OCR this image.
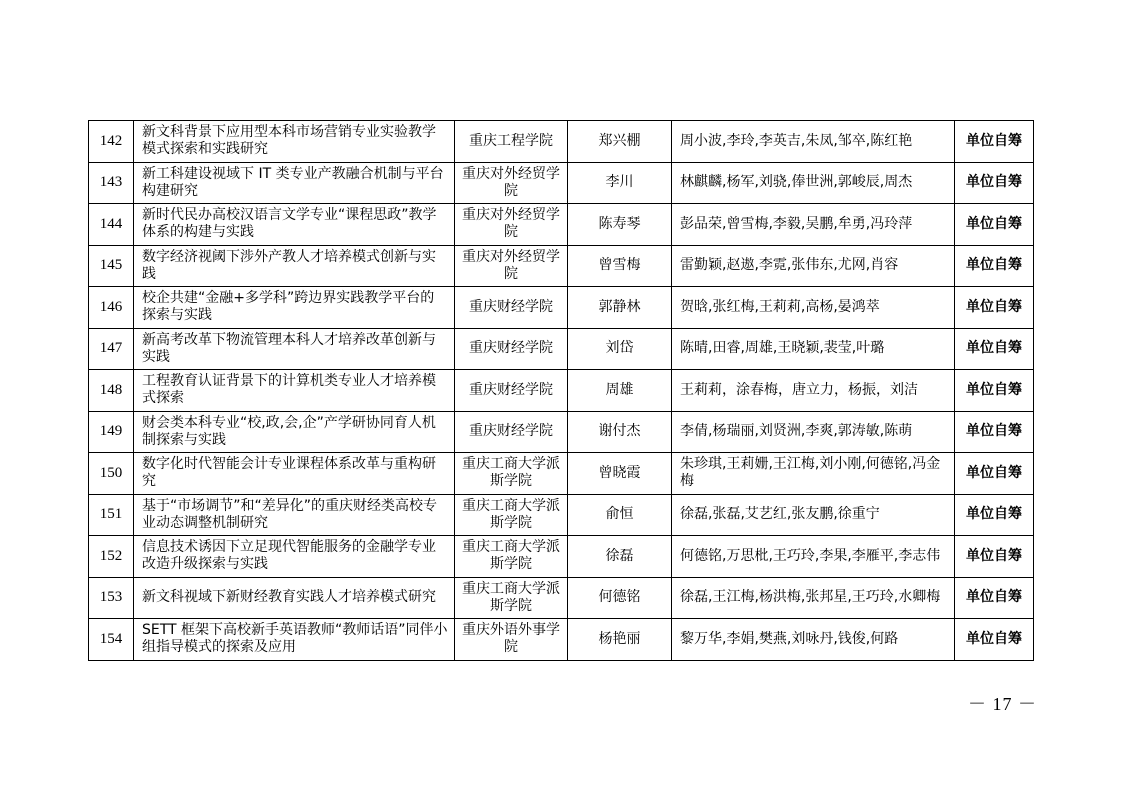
142	新文科背景下应用型本科市场营销专业实验教学模式探索和实践研究	重庆工程学院	郑兴棚	周小波,李玲,李英吉,朱凤,邹卒,陈红艳	单位自筹
143	新工科建设视域下 IT 类专业产教融合机制与平台构建研究	重庆对外经贸学院	李川	林麒麟,杨军,刘骁,俸世洲,郭峻辰,周杰	单位自筹
144	新时代民办高校汉语言文学专业“课程思政”教学体系的构建与实践	重庆对外经贸学院	陈寿琴	彭品荣,曾雪梅,李毅,吴鹏,牟勇,冯玲萍	单位自筹
145	数字经济视阈下涉外产教人才培养模式创新与实践	重庆对外经贸学院	曾雪梅	雷勤颖,赵遨,李霓,张伟东,尤网,肖容	单位自筹
146	校企共建“金融+多学科”跨边界实践教学平台的探索与实践	重庆财经学院	郭静林	贺晗,张红梅,王莉莉,高杨,晏鸿萃	单位自筹
147	新高考改革下物流管理本科人才培养改革创新与实践	重庆财经学院	刘岱	陈晴,田睿,周雄,王晓颖,裴莹,叶璐	单位自筹
148	工程教育认证背景下的计算机类专业人才培养模式探索	重庆财经学院	周雄	王莉莉，涂春梅，唐立力，杨振，刘洁	单位自筹
149	财会类本科专业“校,政,会,企”产学研协同育人机制探索与实践	重庆财经学院	谢付杰	李倩,杨瑞丽,刘贤洲,李爽,郭涛敏,陈萌	单位自筹
150	数字化时代智能会计专业课程体系改革与重构研究	重庆工商大学派斯学院	曾晓霞	朱珍琪,王莉姗,王江梅,刘小刚,何德铭,冯金梅	单位自筹
151	基于“市场调节”和“差异化”的重庆财经类高校专业动态调整机制研究	重庆工商大学派斯学院	俞恒	徐磊,张磊,艾艺红,张友鹏,徐重宁	单位自筹
152	信息技术诱因下立足现代智能服务的金融学专业改造升级探索与实践	重庆工商大学派斯学院	徐磊	何德铭,万思枇,王巧玲,李果,李雁平,李志伟	单位自筹
153	新文科视域下新财经教育实践人才培养模式研究	重庆工商大学派斯学院	何德铭	徐磊,王江梅,杨洪梅,张邦星,王巧玲,水卿梅	单位自筹
154	SETT 框架下高校新手英语教师“教师话语”同伴小组指导模式的探索及应用	重庆外语外事学院	杨艳丽	黎万华,李娟,樊燕,刘咏丹,钱俊,何路	单位自筹
－ 17 －
